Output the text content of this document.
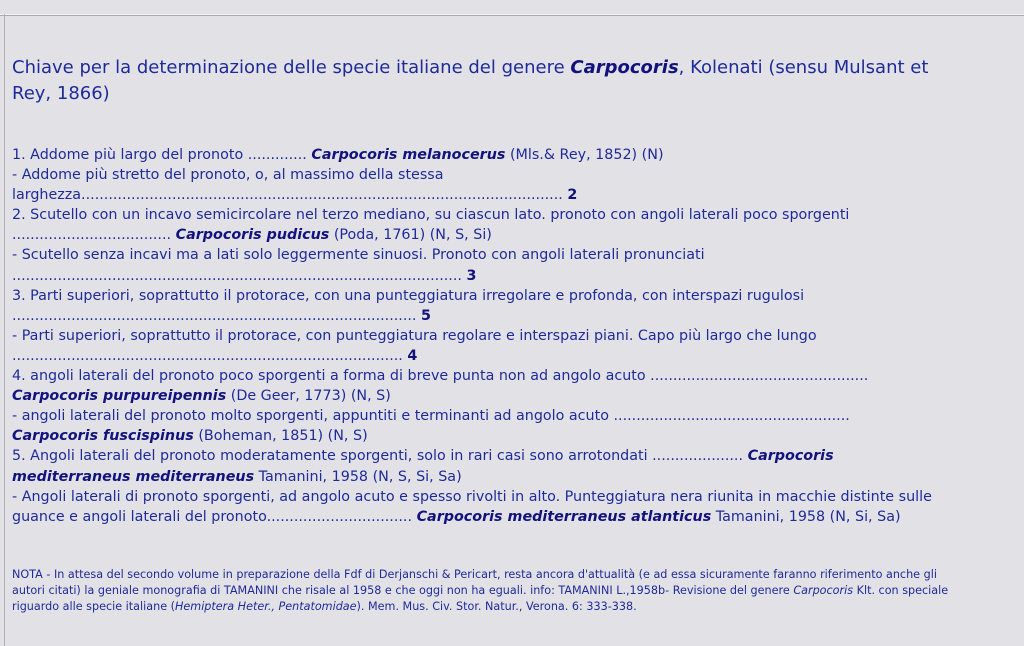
Chiave per la determinazione delle specie italiane del genere Carpocoris, Kolenati (sensu Mulsant et
Rey, 1866)
1. Addome più largo del pronoto ............. Carpocoris melanocerus (Mls.& Rey, 1852) (N)
- Addome più stretto del pronoto, o, al massimo della stessa
larghezza.......................................................................................................... 2
2. Scutello con un incavo semicircolare nel terzo mediano, su ciascun lato. pronoto con angoli laterali poco sporgenti
................................... Carpocoris pudicus (Poda, 1761) (N, S, Si)
- Scutello senza incavi ma a lati solo leggermente sinuosi. Pronoto con angoli laterali pronunciati
................................................................................................... 3
3. Parti superiori, soprattutto il protorace, con una punteggiatura irregolare e profonda, con interspazi rugulosi
......................................................................................... 5
- Parti superiori, soprattutto il protorace, con punteggiatura regolare e interspazi piani. Capo più largo che lungo
...................................................................................... 4
4. angoli laterali del pronoto poco sporgenti a forma di breve punta non ad angolo acuto ................................................
Carpocoris purpureipennis (De Geer, 1773) (N, S)
- angoli laterali del pronoto molto sporgenti, appuntiti e terminanti ad angolo acuto ....................................................
Carpocoris fuscispinus (Boheman, 1851) (N, S)
5. Angoli laterali del pronoto moderatamente sporgenti, solo in rari casi sono arrotondati .................... Carpocoris
mediterraneus mediterraneus Tamanini, 1958 (N, S, Si, Sa)
- Angoli laterali di pronoto sporgenti, ad angolo acuto e spesso rivolti in alto. Punteggiatura nera riunita in macchie distinte sulle
guance e angoli laterali del pronoto................................ Carpocoris mediterraneus atlanticus Tamanini, 1958 (N, Si, Sa)
NOTA - In attesa del secondo volume in preparazione della Fdf di Derjanschi & Pericart, resta ancora d'attualità (e ad essa sicuramente faranno riferimento anche gli
autori citati) la geniale monografia di TAMANINI che risale al 1958 e che oggi non ha eguali. info: TAMANINI L.,1958b- Revisione del genere Carpocoris Klt. con speciale
riguardo alle specie italiane (Hemiptera Heter., Pentatomidae). Mem. Mus. Civ. Stor. Natur., Verona. 6: 333-338.
